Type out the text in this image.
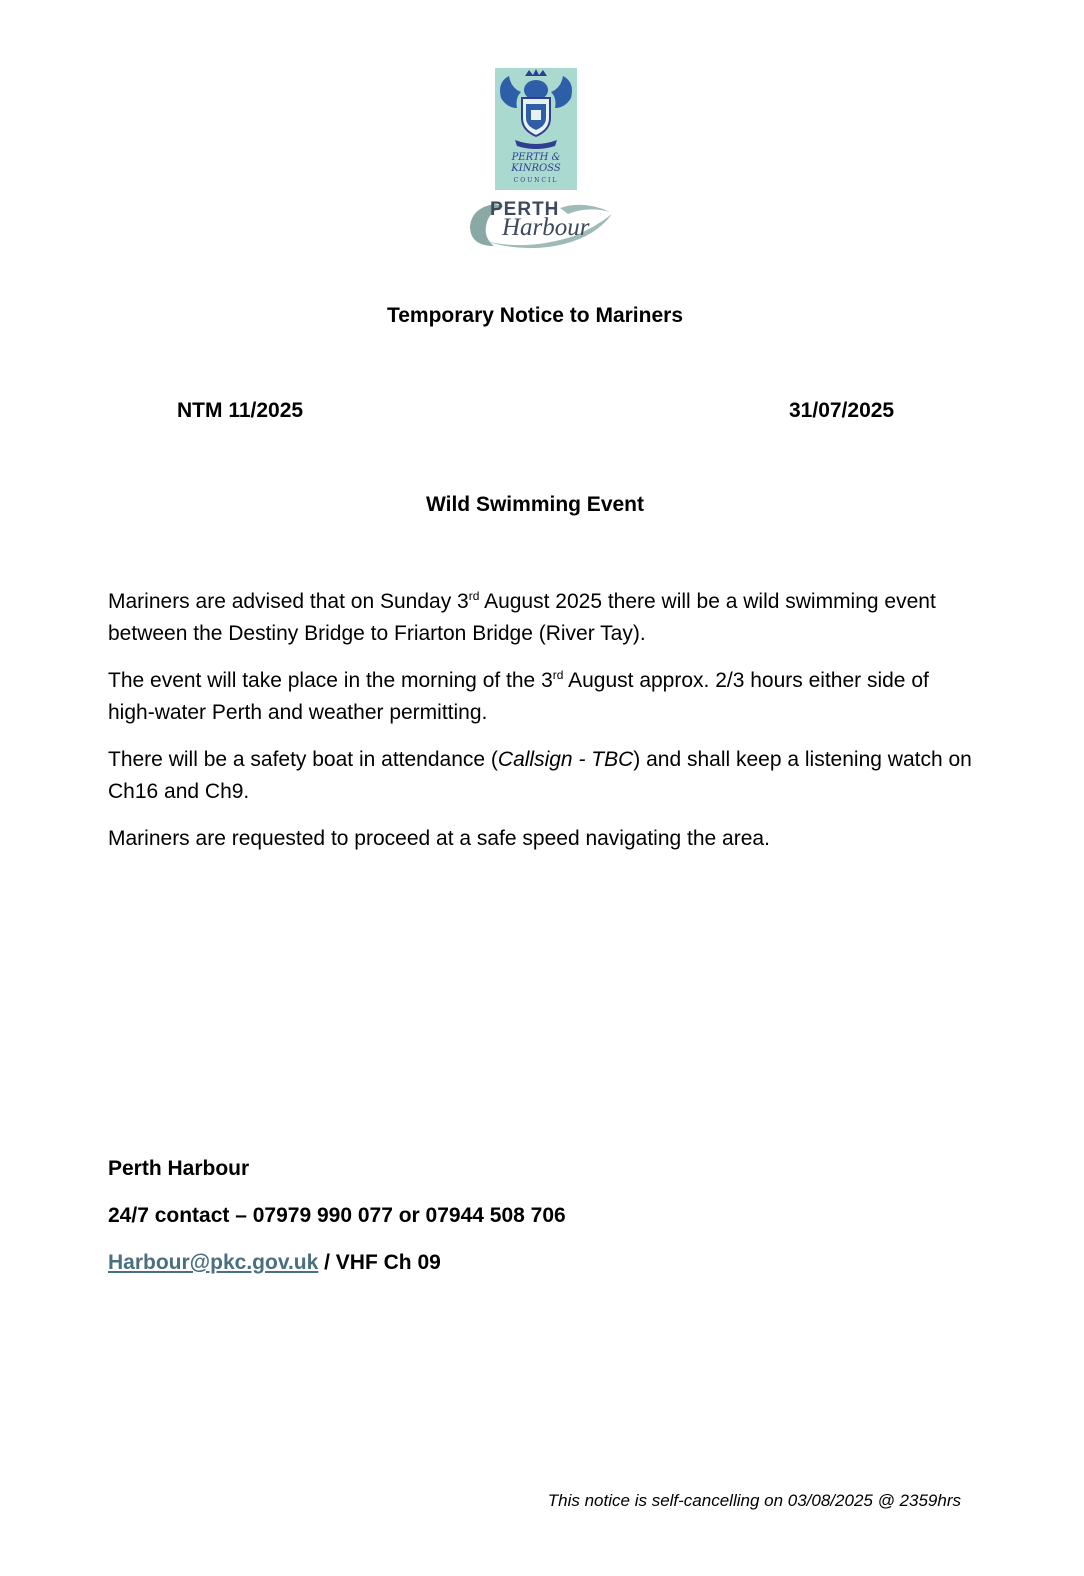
PERTH &
KINROSS
COUNCIL
PERTH
Harbour
Temporary Notice to Mariners
NTM 11/2025	31/07/2025
Wild Swimming Event

Mariners are advised that on Sunday 3rd August 2025 there will be a wild swimming event between the Destiny Bridge to Friarton Bridge (River Tay).

The event will take place in the morning of the 3rd August approx. 2/3 hours either side of high-water Perth and weather permitting.

There will be a safety boat in attendance (Callsign - TBC) and shall keep a listening watch on Ch16 and Ch9.

Mariners are requested to proceed at a safe speed navigating the area.

Perth Harbour
24/7 contact – 07979 990 077 or 07944 508 706
Harbour@pkc.gov.uk / VHF Ch 09
This notice is self-cancelling on 03/08/2025 @ 2359hrs
